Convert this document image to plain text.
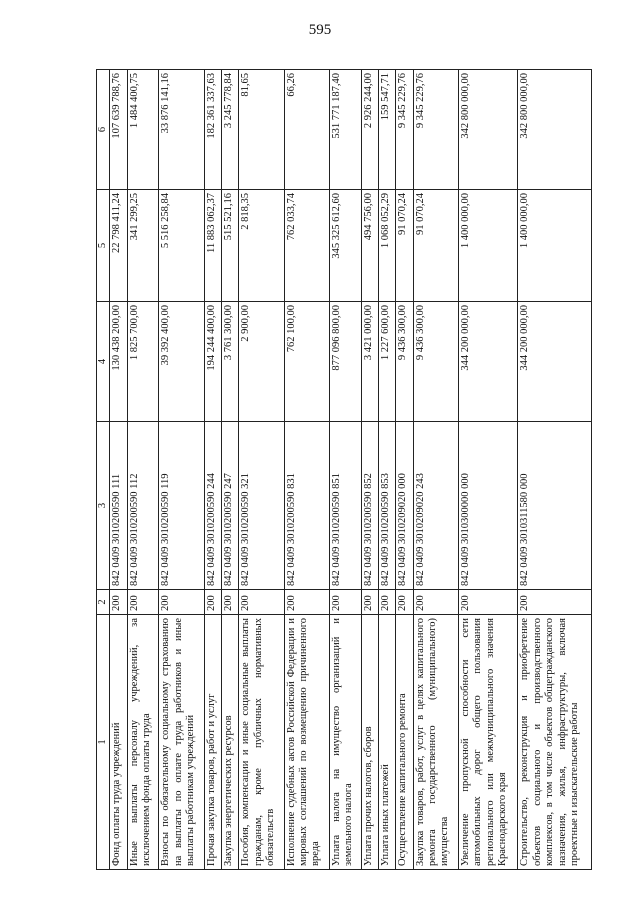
595
1	2	3	4	5	6
Фонд оплаты труда учреждений	200	842 0409 3010200590 111	130 438 200,00	22 798 411,24	107 639 788,76
Иные выплаты персоналу учреждений, за исключением фонда оплаты труда	200	842 0409 3010200590 112	1 825 700,00	341 299,25	1 484 400,75
Взносы по обязательному социальному страхованию на выплаты по оплате труда работников и иные выплаты работникам учреждений	200	842 0409 3010200590 119	39 392 400,00	5 516 258,84	33 876 141,16
Прочая закупка товаров, работ и услуг	200	842 0409 3010200590 244	194 244 400,00	11 883 062,37	182 361 337,63
Закупка энергетических ресурсов	200	842 0409 3010200590 247	3 761 300,00	515 521,16	3 245 778,84
Пособия, компенсации и иные социальные выплаты гражданам, кроме публичных нормативных обязательств	200	842 0409 3010200590 321	2 900,00	2 818,35	81,65
Исполнение судебных актов Российской Федерации и мировых соглашений по возмещению причиненного вреда	200	842 0409 3010200590 831	762 100,00	762 033,74	66,26
Уплата налога на имущество организаций и земельного налога	200	842 0409 3010200590 851	877 096 800,00	345 325 612,60	531 771 187,40
Уплата прочих налогов, сборов	200	842 0409 3010200590 852	3 421 000,00	494 756,00	2 926 244,00
Уплата иных платежей	200	842 0409 3010200590 853	1 227 600,00	1 068 052,29	159 547,71
Осуществление капитального ремонта	200	842 0409 3010209020 000	9 436 300,00	91 070,24	9 345 229,76
Закупка товаров, работ, услуг в целях капитального ремонта государственного (муниципального) имущества	200	842 0409 3010209020 243	9 436 300,00	91 070,24	9 345 229,76
Увеличение пропускной способности сети автомобильных дорог общего пользования регионального или межмуниципального значения Краснодарского края	200	842 0409 3010300000 000	344 200 000,00	1 400 000,00	342 800 000,00
Строительство, реконструкция и приобретение объектов социального и производственного комплексов, в том числе объектов общегражданского назначения, жилья, инфраструктуры, включая проектные и изыскательские работы	200	842 0409 3010311580 000	344 200 000,00	1 400 000,00	342 800 000,00
